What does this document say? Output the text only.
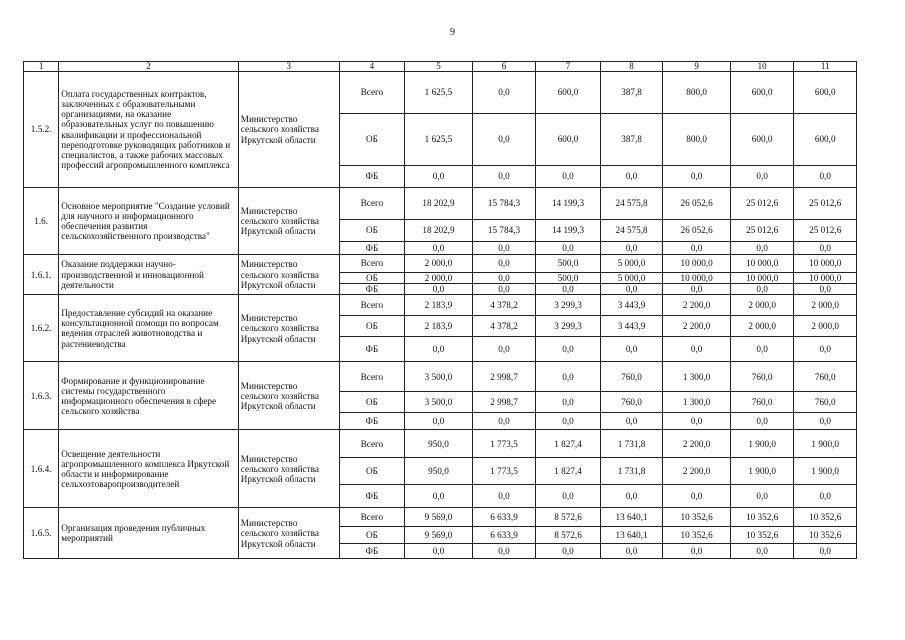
9
1	2	3	4	5	6	7	8	9	10	11
1.5.2.	Оплата государственных контрактов, заключенных с образовательными организациями, на оказание образовательных услуг по повышению квалификации и профессиональной переподготовке руководящих работников и специалистов, а также рабочих массовых профессий агропромышленного комплекса	Министерство сельского хозяйства Иркутской области	Всего	1 625,5	0,0	600,0	387,8	800,0	600,0	600,0
			ОБ	1 625,5	0,0	600,0	387,8	800,0	600,0	600,0
			ФБ	0,0	0,0	0,0	0,0	0,0	0,0	0,0
1.6.	Основное мероприятие "Создание условий для научного и информационного обеспечения развития сельскохозяйственного производства"	Министерство сельского хозяйства Иркутской области	Всего	18 202,9	15 784,3	14 199,3	24 575,8	26 052,6	25 012,6	25 012,6
			ОБ	18 202,9	15 784,3	14 199,3	24 575,8	26 052,6	25 012,6	25 012,6
			ФБ	0,0	0,0	0,0	0,0	0,0	0,0	0,0
1.6.1.	Оказание поддержки научно-производственной и инновационной деятельности	Министерство сельского хозяйства Иркутской области	Всего	2 000,0	0,0	500,0	5 000,0	10 000,0	10 000,0	10 000,0
			ОБ	2 000,0	0,0	500,0	5 000,0	10 000,0	10 000,0	10 000,0
			ФБ	0,0	0,0	0,0	0,0	0,0	0,0	0,0
1.6.2.	Предоставление субсидий на оказание консультационной помощи по вопросам ведения отраслей животноводства и растениеводства	Министерство сельского хозяйства Иркутской области	Всего	2 183,9	4 378,2	3 299,3	3 443,9	2 200,0	2 000,0	2 000,0
			ОБ	2 183,9	4 378,2	3 299,3	3 443,9	2 200,0	2 000,0	2 000,0
			ФБ	0,0	0,0	0,0	0,0	0,0	0,0	0,0
1.6.3.	Формирование и функционирование системы государственного информационного обеспечения в сфере сельского хозяйства	Министерство сельского хозяйства Иркутской области	Всего	3 500,0	2 998,7	0,0	760,0	1 300,0	760,0	760,0
			ОБ	3 500,0	2 998,7	0,0	760,0	1 300,0	760,0	760,0
			ФБ	0,0	0,0	0,0	0,0	0,0	0,0	0,0
1.6.4.	Освещение деятельности агропромышленного комплекса Иркутской области и информирование сельхозтоваропроизводителей	Министерство сельского хозяйства Иркутской области	Всего	950,0	1 773,5	1 827,4	1 731,8	2 200,0	1 900,0	1 900,0
			ОБ	950,0	1 773,5	1 827,4	1 731,8	2 200,0	1 900,0	1 900,0
			ФБ	0,0	0,0	0,0	0,0	0,0	0,0	0,0
1.6.5.	Организация проведения публичных мероприятий	Министерство сельского хозяйства Иркутской области	Всего	9 569,0	6 633,9	8 572,6	13 640,1	10 352,6	10 352,6	10 352,6
			ОБ	9 569,0	6 633,9	8 572,6	13 640,1	10 352,6	10 352,6	10 352,6
			ФБ	0,0	0,0	0,0	0,0	0,0	0,0	0,0
